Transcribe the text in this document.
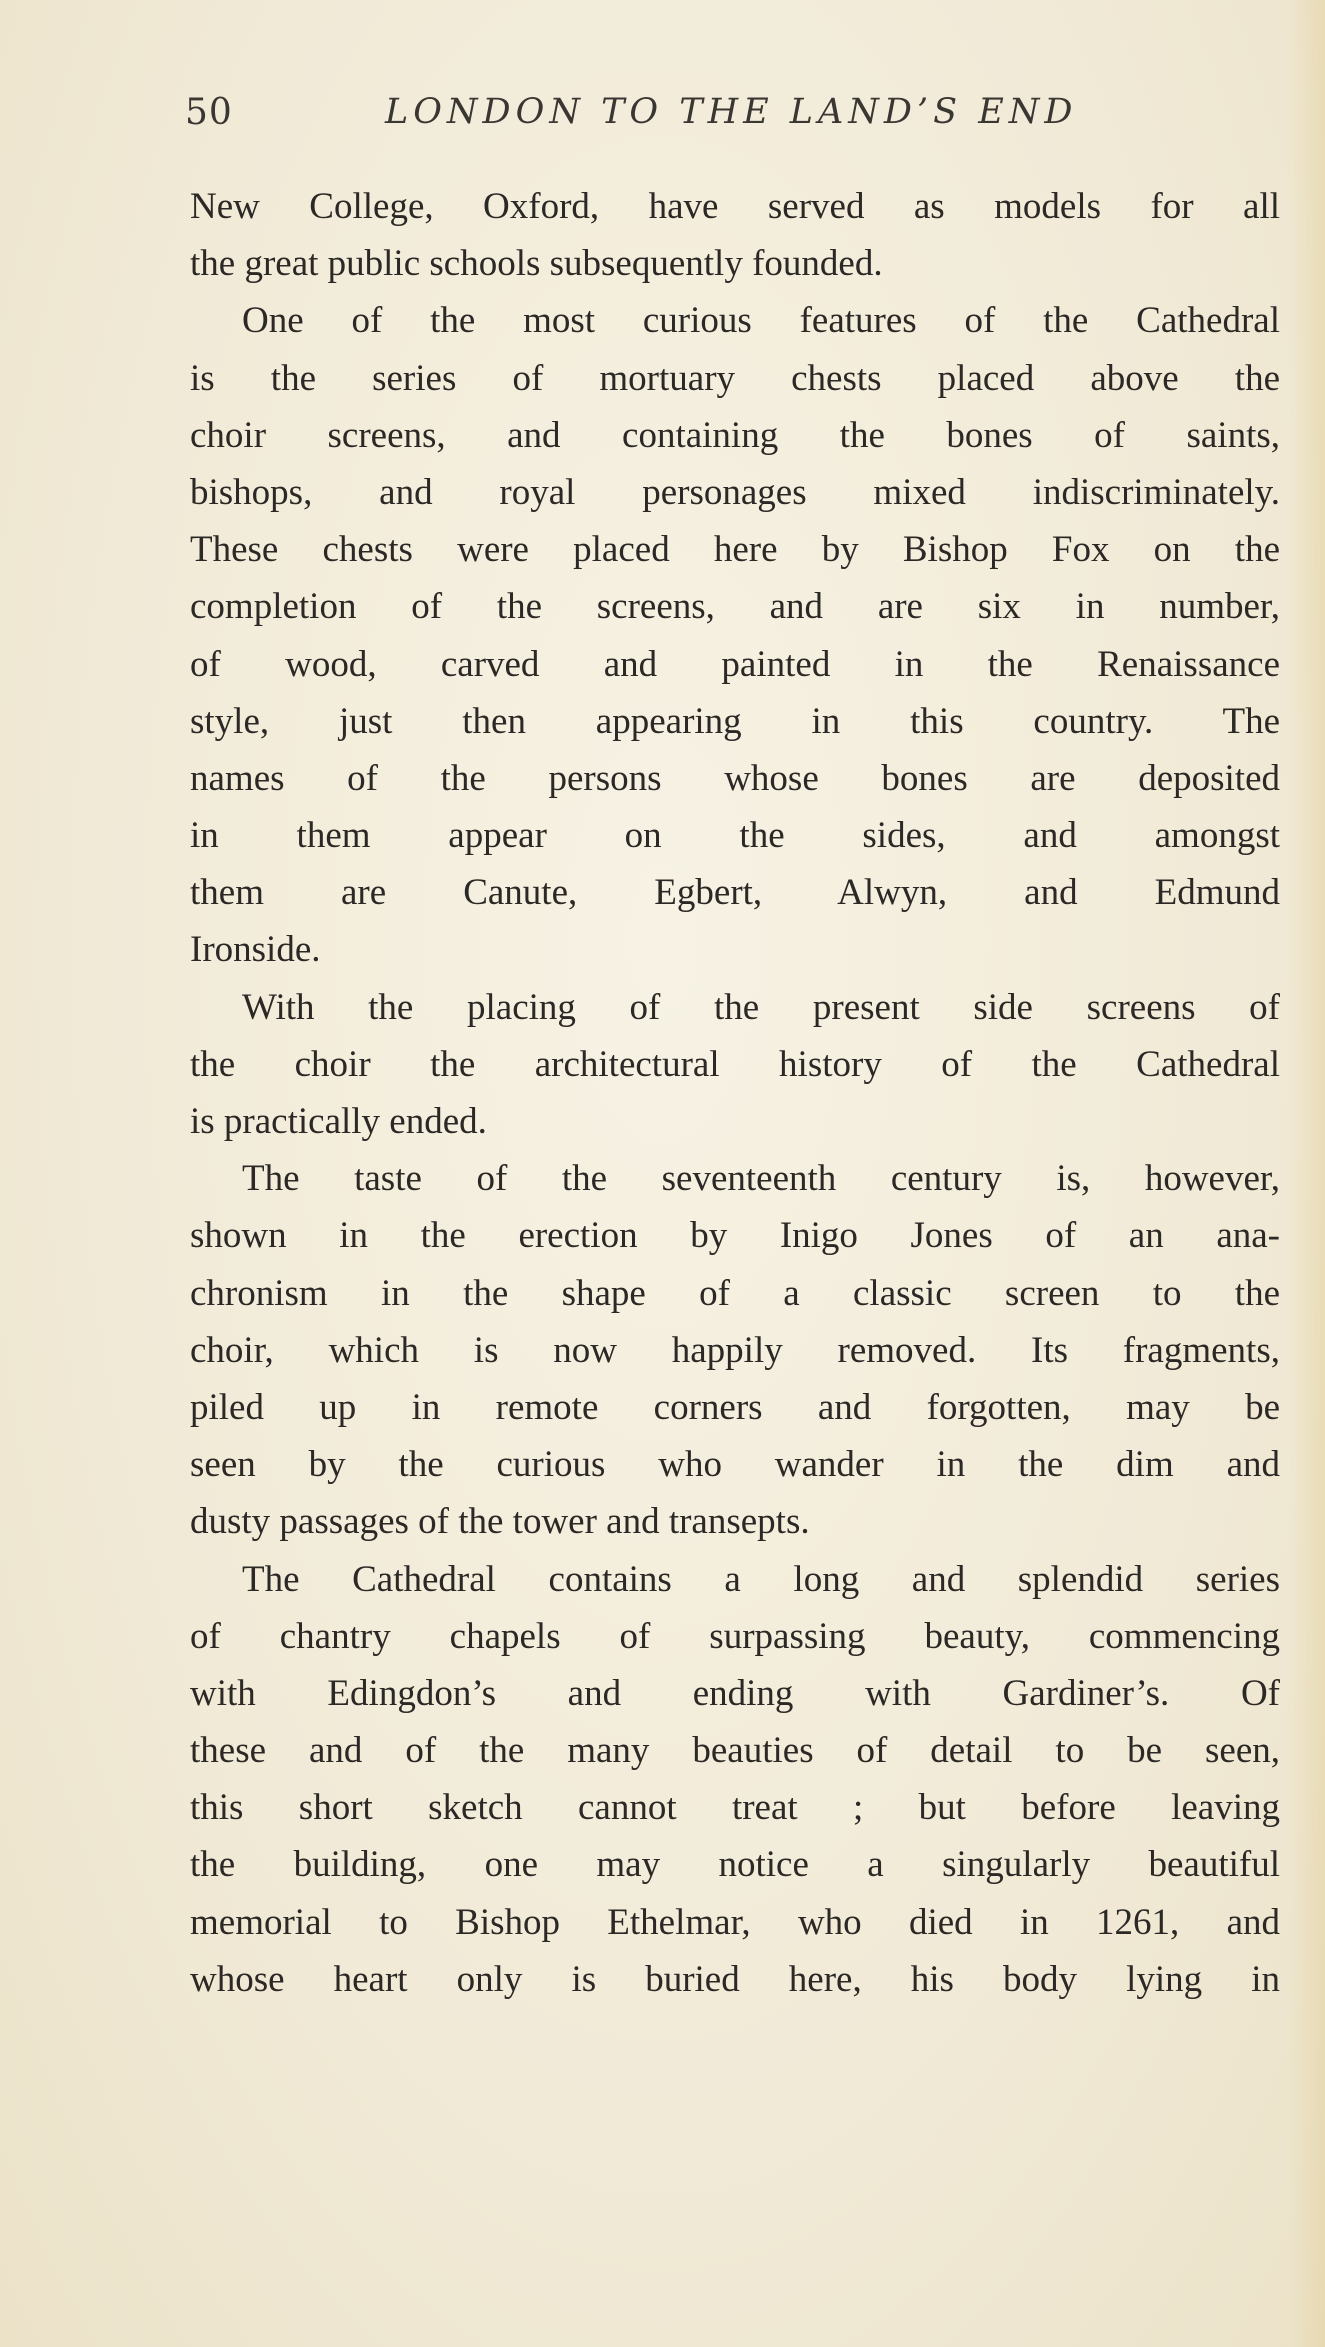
50	LONDON TO THE LAND’S END
New College, Oxford, have served as models for all
the great public schools subsequently founded.
One of the most curious features of the Cathedral
is the series of mortuary chests placed above the
choir screens, and containing the bones of saints,
bishops, and royal personages mixed indiscriminately.
These chests were placed here by Bishop Fox on the
completion of the screens, and are six in number,
of wood, carved and painted in the Renaissance
style, just then appearing in this country. The
names of the persons whose bones are deposited
in them appear on the sides, and amongst
them are Canute, Egbert, Alwyn, and Edmund
Ironside.
With the placing of the present side screens of
the choir the architectural history of the Cathedral
is practically ended.
The taste of the seventeenth century is, however,
shown in the erection by Inigo Jones of an ana-
chronism in the shape of a classic screen to the
choir, which is now happily removed. Its fragments,
piled up in remote corners and forgotten, may be
seen by the curious who wander in the dim and
dusty passages of the tower and transepts.
The Cathedral contains a long and splendid series
of chantry chapels of surpassing beauty, commencing
with Edingdon’s and ending with Gardiner’s. Of
these and of the many beauties of detail to be seen,
this short sketch cannot treat ; but before leaving
the building, one may notice a singularly beautiful
memorial to Bishop Ethelmar, who died in 1261, and
whose heart only is buried here, his body lying in
